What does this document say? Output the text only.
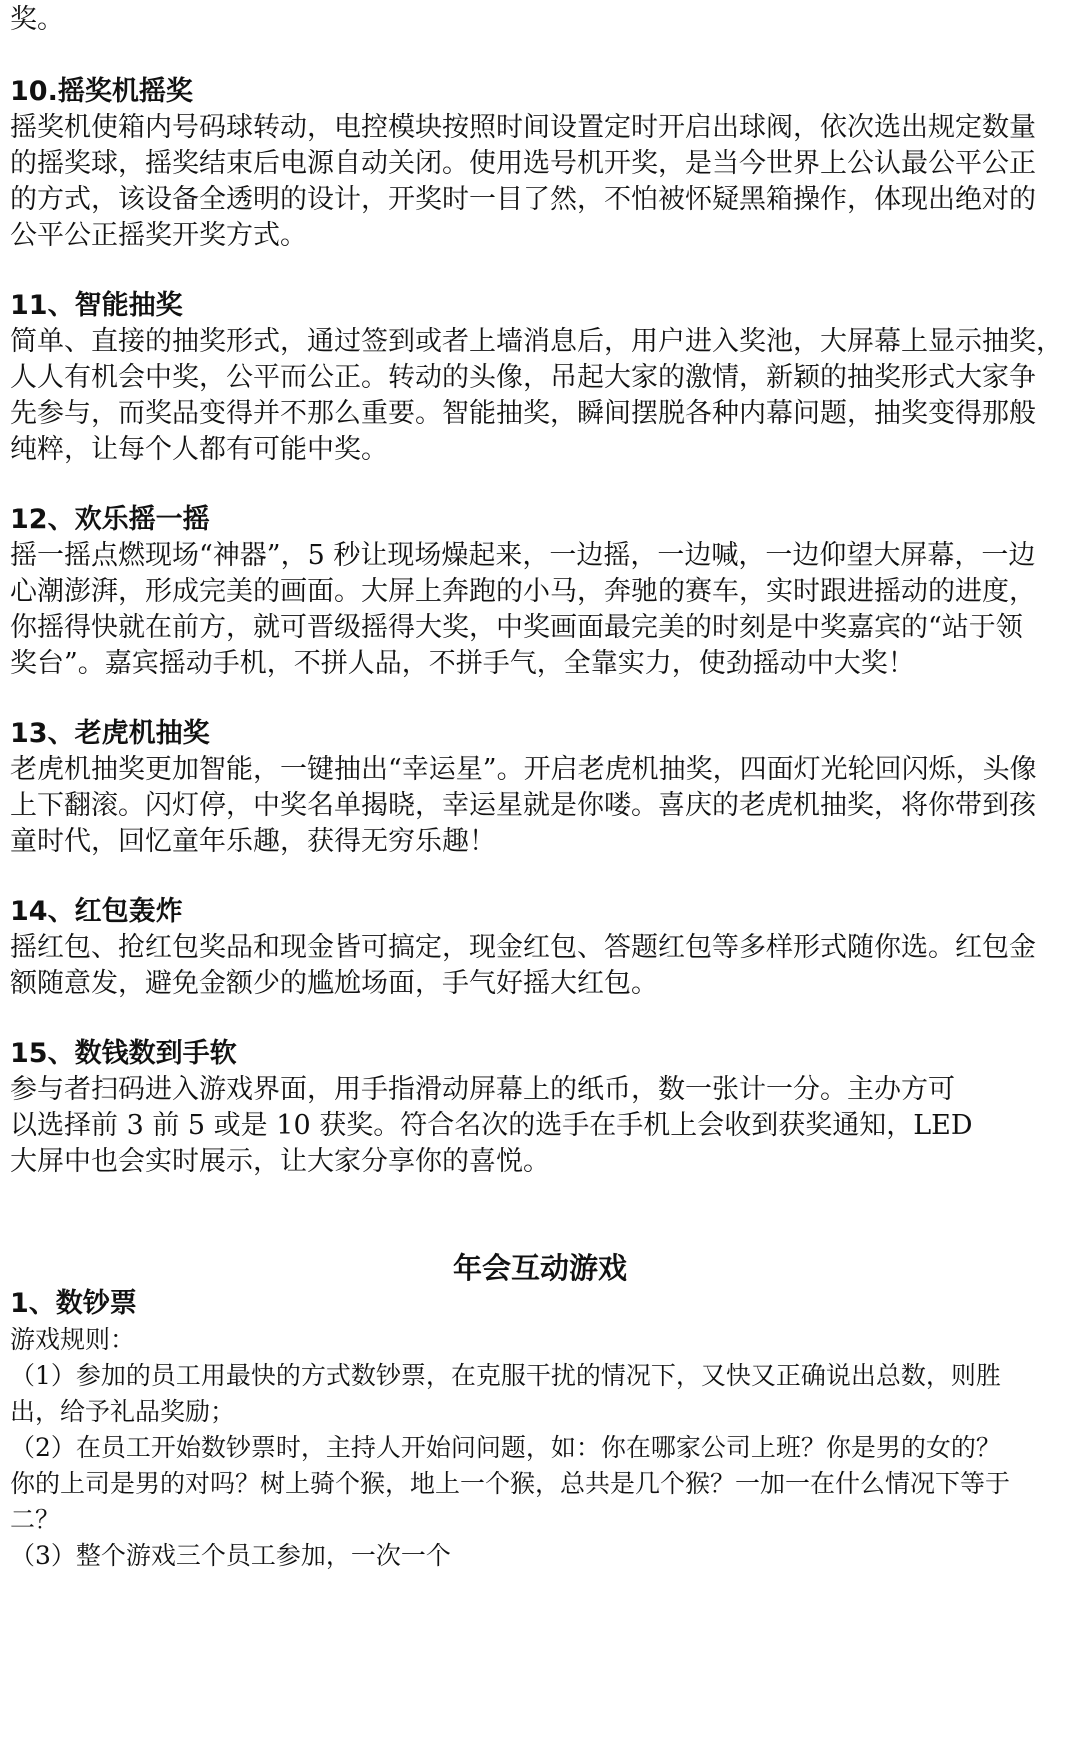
奖。
10.摇奖机摇奖
摇奖机使箱内号码球转动，电控模块按照时间设置定时开启出球阀，依次选出规定数量
的摇奖球，摇奖结束后电源自动关闭。使用选号机开奖，是当今世界上公认最公平公正
的方式，该设备全透明的设计，开奖时一目了然，不怕被怀疑黑箱操作，体现出绝对的
公平公正摇奖开奖方式。
11、智能抽奖
简单、直接的抽奖形式，通过签到或者上墙消息后，用户进入奖池，大屏幕上显示抽奖，
人人有机会中奖，公平而公正。转动的头像，吊起大家的激情，新颖的抽奖形式大家争
先参与，而奖品变得并不那么重要。智能抽奖，瞬间摆脱各种内幕问题，抽奖变得那般
纯粹，让每个人都有可能中奖。
12、欢乐摇一摇
摇一摇点燃现场“神器”，5 秒让现场燥起来，一边摇，一边喊，一边仰望大屏幕，一边
心潮澎湃，形成完美的画面。大屏上奔跑的小马，奔驰的赛车，实时跟进摇动的进度，
你摇得快就在前方，就可晋级摇得大奖，中奖画面最完美的时刻是中奖嘉宾的“站于领
奖台”。嘉宾摇动手机，不拼人品，不拼手气，全靠实力，使劲摇动中大奖！
13、老虎机抽奖
老虎机抽奖更加智能，一键抽出“幸运星”。开启老虎机抽奖，四面灯光轮回闪烁，头像
上下翻滚。闪灯停，中奖名单揭晓，幸运星就是你喽。喜庆的老虎机抽奖，将你带到孩
童时代，回忆童年乐趣，获得无穷乐趣！
14、红包轰炸
摇红包、抢红包奖品和现金皆可搞定，现金红包、答题红包等多样形式随你选。红包金
额随意发，避免金额少的尴尬场面，手气好摇大红包。
15、数钱数到手软
参与者扫码进入游戏界面，用手指滑动屏幕上的纸币，数一张计一分。主办方可
以选择前 3 前 5 或是 10 获奖。符合名次的选手在手机上会收到获奖通知，LED
大屏中也会实时展示，让大家分享你的喜悦。
年会互动游戏
1、数钞票
游戏规则：
（1）参加的员工用最快的方式数钞票，在克服干扰的情况下，又快又正确说出总数，则胜
出，给予礼品奖励；
（2）在员工开始数钞票时，主持人开始问问题，如：你在哪家公司上班？你是男的女的？
你的上司是男的对吗？树上骑个猴，地上一个猴，总共是几个猴？一加一在什么情况下等于
二？
（3）整个游戏三个员工参加，一次一个
